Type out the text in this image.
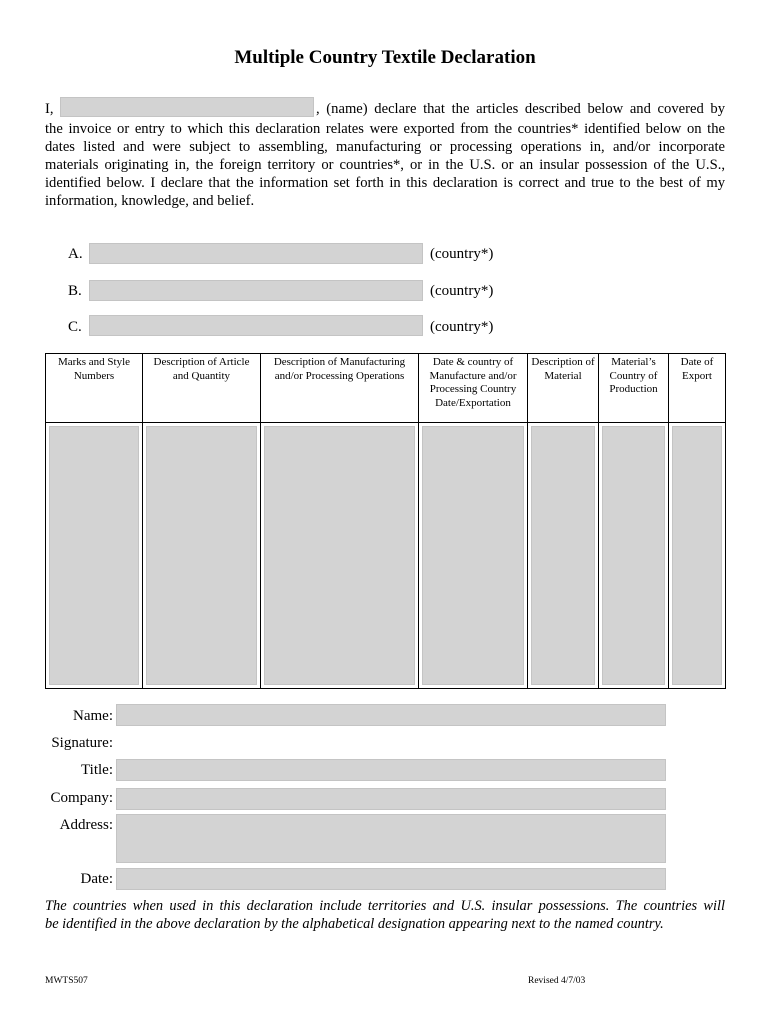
Multiple Country Textile Declaration
I,	, (name) declare that the articles described below and covered by
the invoice or entry to which this declaration relates were exported from the countries* identified below on the
dates listed and were subject to assembling, manufacturing or processing operations in, and/or incorporate
materials originating in, the foreign territory or countries*, or in the U.S. or an insular possession of the U.S.,
identified below. I declare that the information set forth in this declaration is correct and true to the best of my
information, knowledge, and belief.
A.	(country*)
B.	(country*)
C.	(country*)
Marks and Style Numbers	Description of Article and Quantity	Description of Manufacturing and/or Processing Operations	Date & country of Manufacture and/or Processing Country Date/Exportation	Description of Material	Material’s Country of Production	Date of Export

Name:
Signature:
Title:
Company:
Address:
Date:
The countries when used in this declaration include territories and U.S. insular possessions. The countries will
be identified in the above declaration by the alphabetical designation appearing next to the named country.
MWTS507	Revised 4/7/03
